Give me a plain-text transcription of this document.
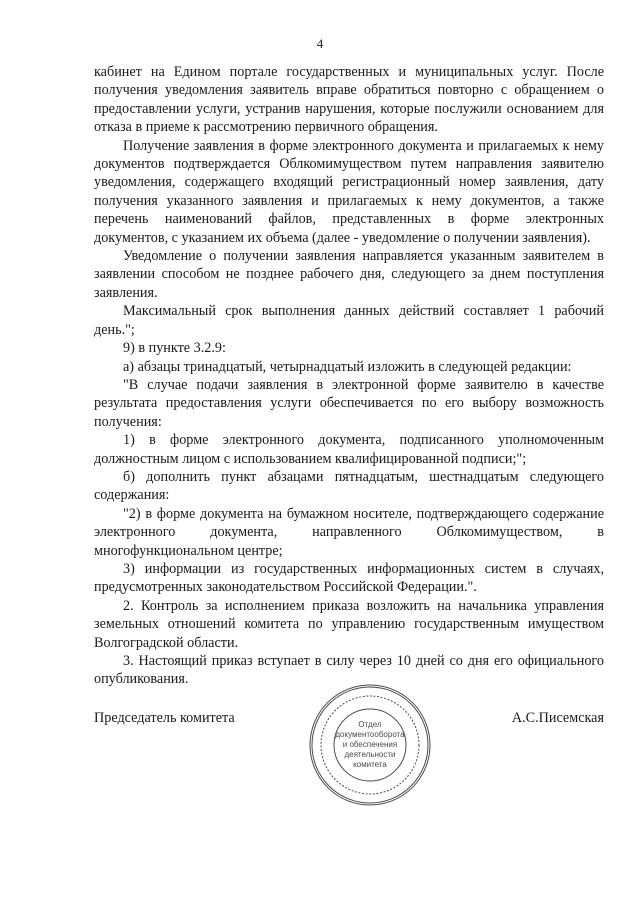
4

кабинет на Едином портале государственных и муниципальных услуг. После получения уведомления заявитель вправе обратиться повторно с обращением о предоставлении услуги, устранив нарушения, которые послужили основанием для отказа в приеме к рассмотрению первичного обращения.

Получение заявления в форме электронного документа и прилагаемых к нему документов подтверждается Облкомимуществом путем направления заявителю уведомления, содержащего входящий регистрационный номер заявления, дату получения указанного заявления и прилагаемых к нему документов, а также перечень наименований файлов, представленных в форме электронных документов, с указанием их объема (далее - уведомление о получении заявления).

Уведомление о получении заявления направляется указанным заявителем в заявлении способом не позднее рабочего дня, следующего за днем поступления заявления.

Максимальный срок выполнения данных действий составляет 1 рабочий день.";

9) в пункте 3.2.9:

а) абзацы тринадцатый, четырнадцатый изложить в следующей редакции:

"В случае подачи заявления в электронной форме заявителю в качестве результата предоставления услуги обеспечивается по его выбору возможность получения:

1) в форме электронного документа, подписанного уполномоченным должностным лицом с использованием квалифицированной подписи;";

б) дополнить пункт абзацами пятнадцатым, шестнадцатым следующего содержания:

"2) в форме документа на бумажном носителе, подтверждающего содержание электронного документа, направленного Облкомимуществом, в многофункциональном центре;

3) информации из государственных информационных систем в случаях, предусмотренных законодательством Российской Федерации.".

2. Контроль за исполнением приказа возложить на начальника управления земельных отношений комитета по управлению государственным имуществом Волгоградской области.

3. Настоящий приказ вступает в силу через 10 дней со дня его официального опубликования.

Председатель комитета	А.С.Писемская
Отдел
документооборота
и обеспечения
деятельности
комитета
